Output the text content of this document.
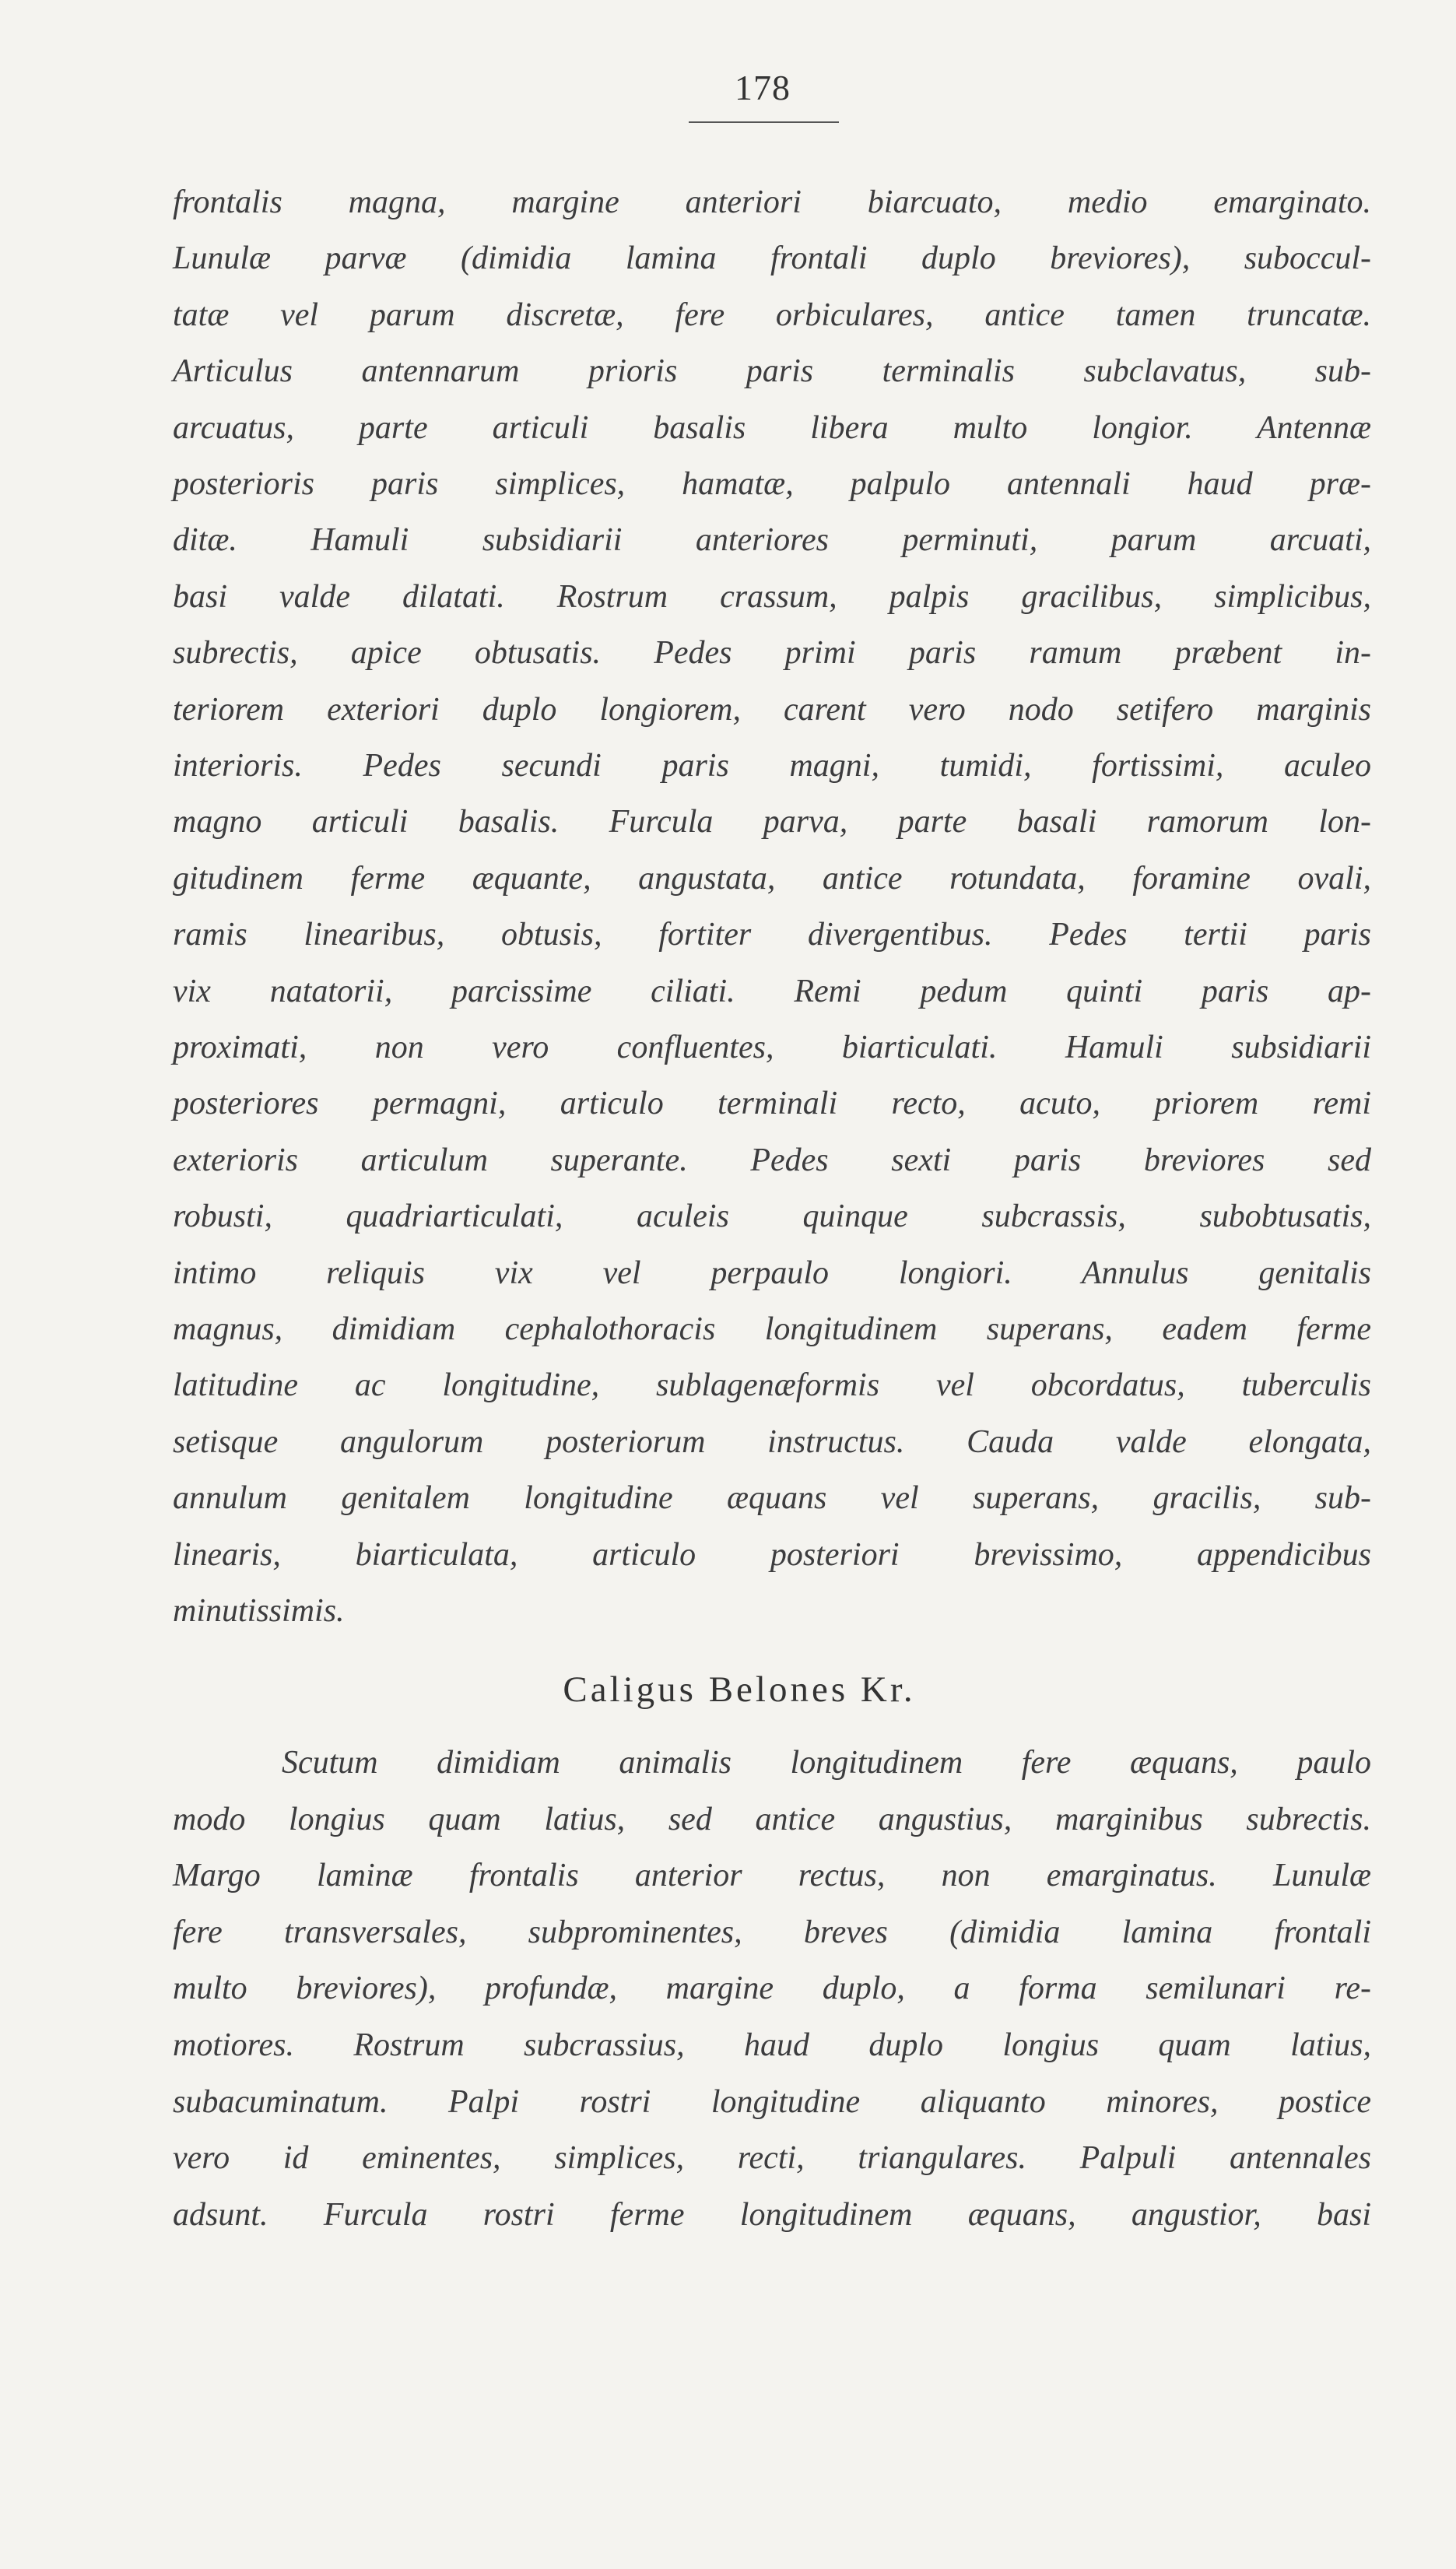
178
frontalis magna, margine anteriori biarcuato, medio emarginato.
Lunulæ parvæ (dimidia lamina frontali duplo breviores), suboccul-
tatæ vel parum discretæ, fere orbiculares, antice tamen truncatæ.
Articulus antennarum prioris paris terminalis subclavatus, sub-
arcuatus, parte articuli basalis libera multo longior. Antennæ
posterioris paris simplices, hamatæ, palpulo antennali haud præ-
ditæ. Hamuli subsidiarii anteriores perminuti, parum arcuati,
basi valde dilatati. Rostrum crassum, palpis gracilibus, simplicibus,
subrectis, apice obtusatis. Pedes primi paris ramum præbent in-
teriorem exteriori duplo longiorem, carent vero nodo setifero marginis
interioris. Pedes secundi paris magni, tumidi, fortissimi, aculeo
magno articuli basalis. Furcula parva, parte basali ramorum lon-
gitudinem ferme æquante, angustata, antice rotundata, foramine ovali,
ramis linearibus, obtusis, fortiter divergentibus. Pedes tertii paris
vix natatorii, parcissime ciliati. Remi pedum quinti paris ap-
proximati, non vero confluentes, biarticulati. Hamuli subsidiarii
posteriores permagni, articulo terminali recto, acuto, priorem remi
exterioris articulum superante. Pedes sexti paris breviores sed
robusti, quadriarticulati, aculeis quinque subcrassis, subobtusatis,
intimo reliquis vix vel perpaulo longiori. Annulus genitalis
magnus, dimidiam cephalothoracis longitudinem superans, eadem ferme
latitudine ac longitudine, sublagenæformis vel obcordatus, tuberculis
setisque angulorum posteriorum instructus. Cauda valde elongata,
annulum genitalem longitudine æquans vel superans, gracilis, sub-
linearis, biarticulata, articulo posteriori brevissimo, appendicibus
minutissimis.
Caligus Belones Kr.
Scutum dimidiam animalis longitudinem fere æquans, paulo
modo longius quam latius, sed antice angustius, marginibus subrectis.
Margo laminæ frontalis anterior rectus, non emarginatus. Lunulæ
fere transversales, subprominentes, breves (dimidia lamina frontali
multo breviores), profundæ, margine duplo, a forma semilunari re-
motiores. Rostrum subcrassius, haud duplo longius quam latius,
subacuminatum. Palpi rostri longitudine aliquanto minores, postice
vero id eminentes, simplices, recti, triangulares. Palpuli antennales
adsunt. Furcula rostri ferme longitudinem æquans, angustior, basi
